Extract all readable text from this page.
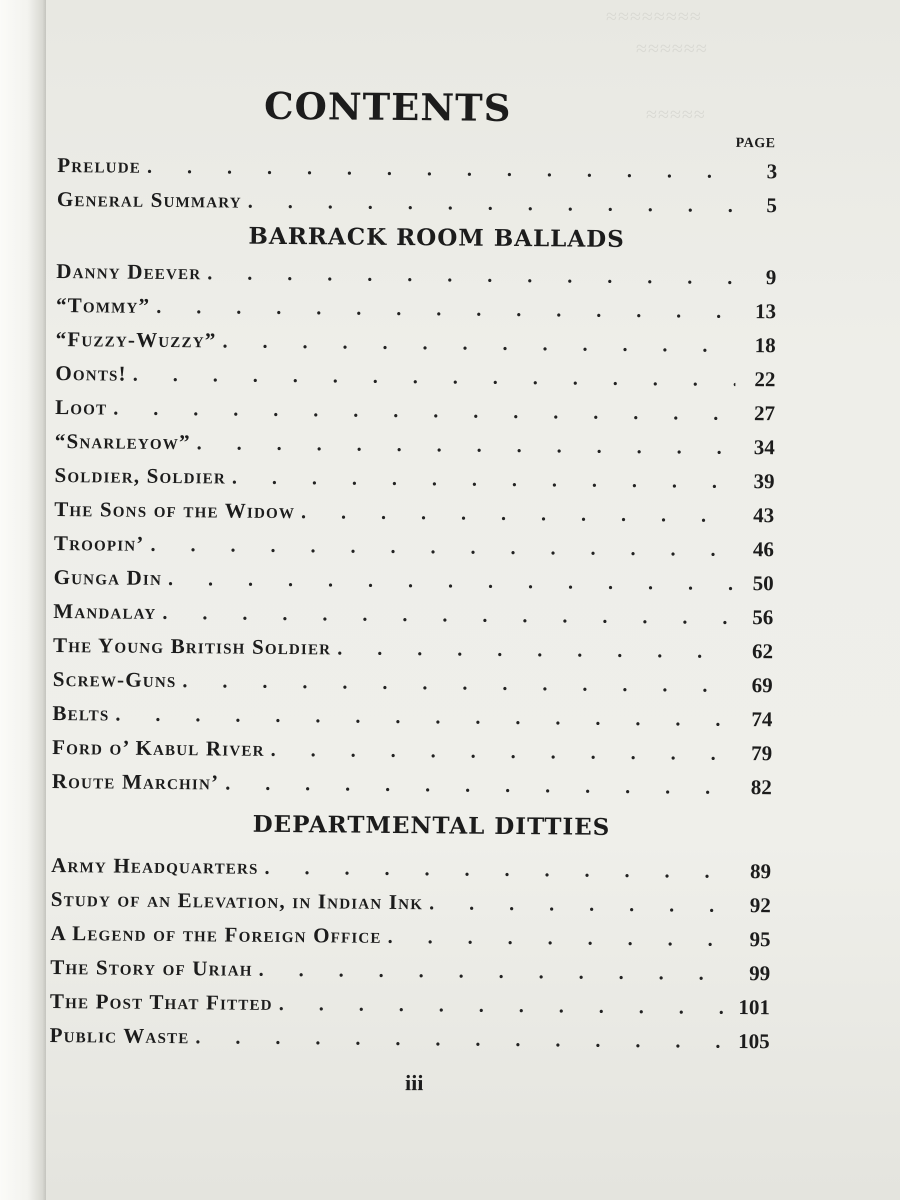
≈≈≈≈≈≈≈≈
≈≈≈≈≈≈
≈≈≈≈≈
CONTENTS
PAGE
Prelude . . .	3
General Summary . . .	5
BARRACK ROOM BALLADS
Danny Deever . . .	9
“Tommy” . . .	13
“Fuzzy-Wuzzy” . . .	18
Oonts! . . .	22
Loot . . .	27
“Snarleyow” . . .	34
Soldier, Soldier . . .	39
The Sons of the Widow . . .	43
Troopin’ . . .	46
Gunga Din . . .	50
Mandalay . . .	56
The Young British Soldier . . .	62
Screw-Guns . . .	69
Belts . . .	74
Ford o’ Kabul River . . .	79
Route Marchin’ . . .	82
DEPARTMENTAL DITTIES
Army Headquarters . . .	89
Study of an Elevation, in Indian Ink . . .	92
A Legend of the Foreign Office . . .	95
The Story of Uriah . . .	99
The Post That Fitted . . .	101
Public Waste . . .	105
iii
